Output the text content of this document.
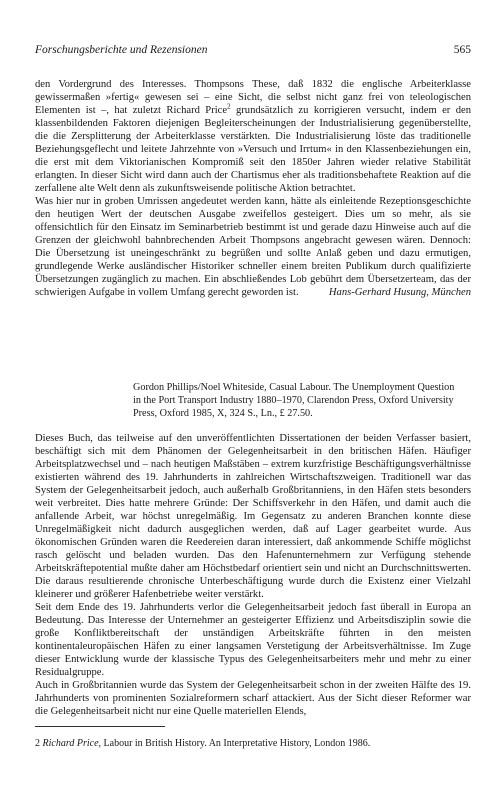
Forschungsberichte und Rezensionen	565

den Vordergrund des Interesses. Thompsons These, daß 1832 die englische Arbeiterklasse gewissermaßen »fertig« gewesen sei – eine Sicht, die selbst nicht ganz frei von teleologischen Elementen ist –, hat zuletzt Richard Price$^2$ grundsätzlich zu korrigieren versucht, indem er den klassenbildenden Faktoren diejenigen Begleiterscheinungen der Industrialisierung gegenüberstellte, die die Zersplitterung der Arbeiterklasse verstärkten. Die Industrialisierung löste das traditionelle Beziehungsgeflecht und leitete Jahrzehnte von »Versuch und Irrtum« in den Klassenbeziehungen ein, die erst mit dem Viktorianischen Kompromiß seit den 1850er Jahren wieder relative Stabilität erlangten. In dieser Sicht wird dann auch der Chartismus eher als traditionsbehaftete Reaktion auf die zerfallene alte Welt denn als zukunftsweisende politische Aktion betrachtet.

Was hier nur in groben Umrissen angedeutet werden kann, hätte als einleitende Rezeptionsgeschichte den heutigen Wert der deutschen Ausgabe zweifellos gesteigert. Dies um so mehr, als sie offensichtlich für den Einsatz im Seminarbetrieb bestimmt ist und gerade dazu Hinweise auch auf die Grenzen der gleichwohl bahnbrechenden Arbeit Thompsons angebracht gewesen wären. Dennoch: Die Übersetzung ist uneingeschränkt zu begrüßen und sollte Anlaß geben und dazu ermutigen, grundlegende Werke ausländischer Historiker schneller einem breiten Publikum durch qualifizierte Übersetzungen zugänglich zu machen. Ein abschließendes Lob gebührt dem Übersetzerteam, das der schwierigen Aufgabe in vollem Umfang gerecht geworden ist.	Hans-Gerhard Husung, München

Gordon Phillips/Noel Whiteside, Casual Labour. The Unemployment Question in the Port Transport Industry 1880–1970, Clarendon Press, Oxford University Press, Oxford 1985, X, 324 S., Ln., £ 27.50.

Dieses Buch, das teilweise auf den unveröffentlichten Dissertationen der beiden Verfasser basiert, beschäftigt sich mit dem Phänomen der Gelegenheitsarbeit in den britischen Häfen. Häufiger Arbeitsplatzwechsel und – nach heutigen Maßstäben – extrem kurzfristige Beschäftigungsverhältnisse existierten während des 19. Jahrhunderts in zahlreichen Wirtschaftszweigen. Traditionell war das System der Gelegenheitsarbeit jedoch, auch außerhalb Großbritanniens, in den Häfen stets besonders weit verbreitet. Dies hatte mehrere Gründe: Der Schiffsverkehr in den Häfen, und damit auch die anfallende Arbeit, war höchst unregelmäßig. Im Gegensatz zu anderen Branchen konnte diese Unregelmäßigkeit nicht dadurch ausgeglichen werden, daß auf Lager gearbeitet wurde. Aus ökonomischen Gründen waren die Reedereien daran interessiert, daß ankommende Schiffe möglichst rasch gelöscht und beladen wurden. Das den Hafenunternehmern zur Verfügung stehende Arbeitskräftepotential mußte daher am Höchstbedarf orientiert sein und nicht an Durchschnittswerten. Die daraus resultierende chronische Unterbeschäftigung wurde durch die Existenz einer Vielzahl kleinerer und größerer Hafenbetriebe weiter verstärkt.

Seit dem Ende des 19. Jahrhunderts verlor die Gelegenheitsarbeit jedoch fast überall in Europa an Bedeutung. Das Interesse der Unternehmer an gesteigerter Effizienz und Arbeitsdisziplin sowie die große Konfliktbereitschaft der unständigen Arbeitskräfte führten in den meisten kontinentaleuropäischen Häfen zu einer langsamen Verstetigung der Arbeitsverhältnisse. Im Zuge dieser Entwicklung wurde der klassische Typus des Gelegenheitsarbeiters mehr und mehr zu einer Residualgruppe.

Auch in Großbritannien wurde das System der Gelegenheitsarbeit schon in der zweiten Hälfte des 19. Jahrhunderts von prominenten Sozialreformern scharf attackiert. Aus der Sicht dieser Reformer war die Gelegenheitsarbeit nicht nur eine Quelle materiellen Elends,

2 Richard Price, Labour in British History. An Interpretative History, London 1986.
